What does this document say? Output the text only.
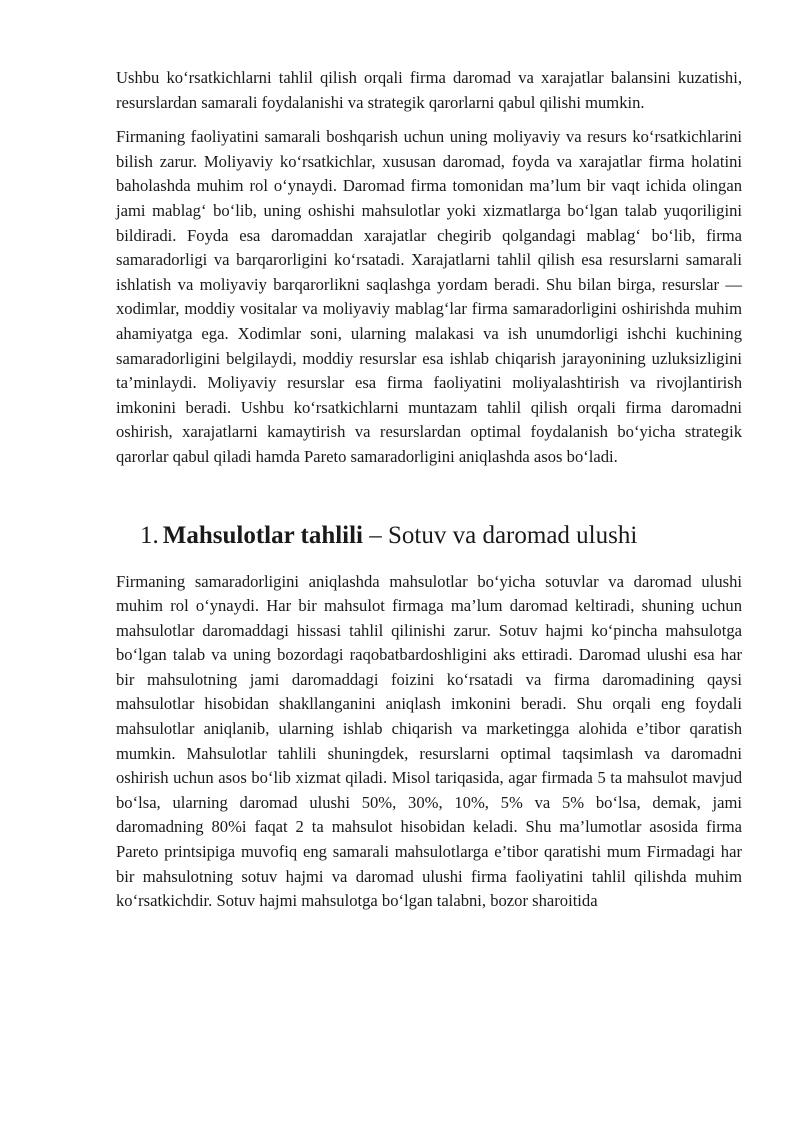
Ushbu ko‘rsatkichlarni tahlil qilish orqali firma daromad va xarajatlar balansini kuzatishi, resurslardan samarali foydalanishi va strategik qarorlarni qabul qilishi mumkin.

Firmaning faoliyatini samarali boshqarish uchun uning moliyaviy va resurs ko‘rsatkichlarini bilish zarur. Moliyaviy ko‘rsatkichlar, xususan daromad, foyda va xarajatlar firma holatini baholashda muhim rol o‘ynaydi. Daromad firma tomonidan ma’lum bir vaqt ichida olingan jami mablag‘ bo‘lib, uning oshishi mahsulotlar yoki xizmatlarga bo‘lgan talab yuqoriligini bildiradi. Foyda esa daromaddan xarajatlar chegirib qolgandagi mablag‘ bo‘lib, firma samaradorligi va barqarorligini ko‘rsatadi. Xarajatlarni tahlil qilish esa resurslarni samarali ishlatish va moliyaviy barqarorlikni saqlashga yordam beradi. Shu bilan birga, resurslar — xodimlar, moddiy vositalar va moliyaviy mablag‘lar firma samaradorligini oshirishda muhim ahamiyatga ega. Xodimlar soni, ularning malakasi va ish unumdorligi ishchi kuchining samaradorligini belgilaydi, moddiy resurslar esa ishlab chiqarish jarayonining uzluksizligini ta’minlaydi. Moliyaviy resurslar esa firma faoliyatini moliyalashtirish va rivojlantirish imkonini beradi. Ushbu ko‘rsatkichlarni muntazam tahlil qilish orqali firma daromadni oshirish, xarajatlarni kamaytirish va resurslardan optimal foydalanish bo‘yicha strategik qarorlar qabul qiladi hamda Pareto samaradorligini aniqlashda asos bo‘ladi.

1. Mahsulotlar tahlili – Sotuv va daromad ulushi

Firmaning samaradorligini aniqlashda mahsulotlar bo‘yicha sotuvlar va daromad ulushi muhim rol o‘ynaydi. Har bir mahsulot firmaga ma’lum daromad keltiradi, shuning uchun mahsulotlar daromaddagi hissasi tahlil qilinishi zarur. Sotuv hajmi ko‘pincha mahsulotga bo‘lgan talab va uning bozordagi raqobatbardoshligini aks ettiradi. Daromad ulushi esa har bir mahsulotning jami daromaddagi foizini ko‘rsatadi va firma daromadining qaysi mahsulotlar hisobidan shakllanganini aniqlash imkonini beradi. Shu orqali eng foydali mahsulotlar aniqlanib, ularning ishlab chiqarish va marketingga alohida e’tibor qaratish mumkin. Mahsulotlar tahlili shuningdek, resurslarni optimal taqsimlash va daromadni oshirish uchun asos bo‘lib xizmat qiladi. Misol tariqasida, agar firmada 5 ta mahsulot mavjud bo‘lsa, ularning daromad ulushi 50%, 30%, 10%, 5% va 5% bo‘lsa, demak, jami daromadning 80%i faqat 2 ta mahsulot hisobidan keladi. Shu ma’lumotlar asosida firma Pareto printsipiga muvofiq eng samarali mahsulotlarga e’tibor qaratishi mum Firmadagi har bir mahsulotning sotuv hajmi va daromad ulushi firma faoliyatini tahlil qilishda muhim ko‘rsatkichdir. Sotuv hajmi mahsulotga bo‘lgan talabni, bozor sharoitida
